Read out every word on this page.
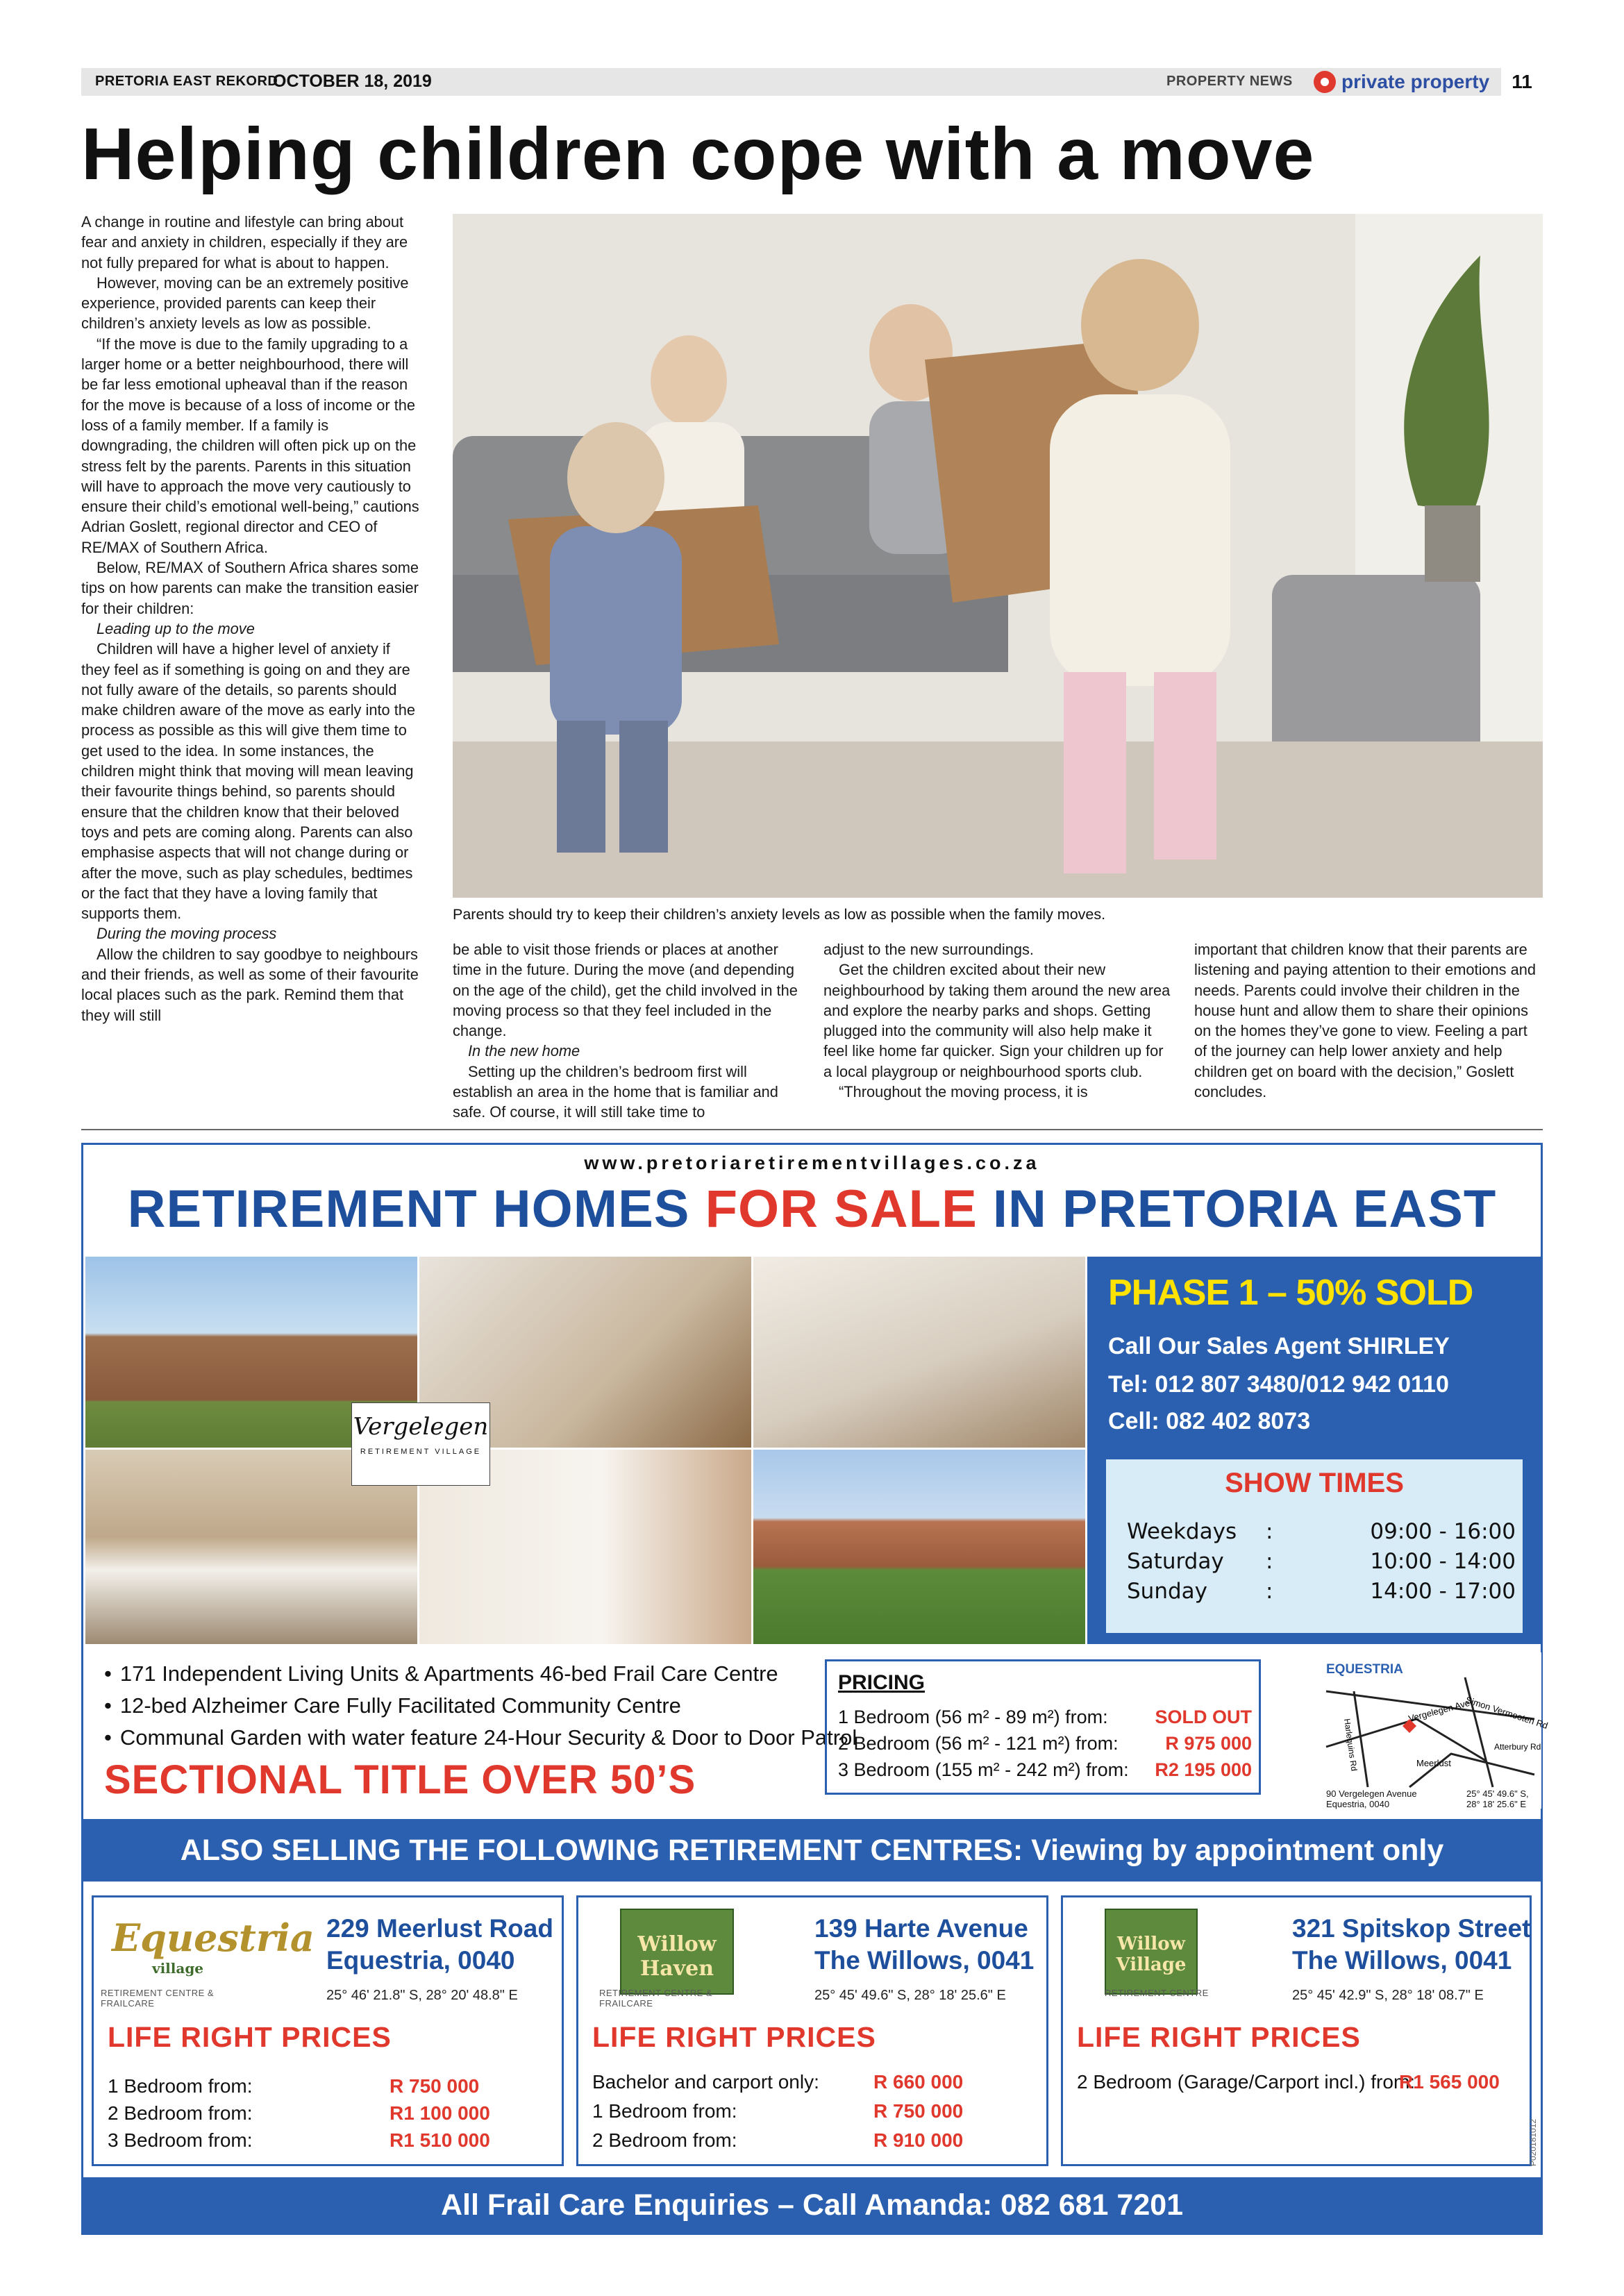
PRETORIA EAST REKORD
OCTOBER 18, 2019	PROPERTY NEWS	private property	11
Helping children cope with a move

A change in routine and lifestyle can bring about fear and anxiety in children, especially if they are not fully prepared for what is about to happen.

However, moving can be an extremely positive experience, provided parents can keep their children’s anxiety levels as low as possible.

“If the move is due to the family upgrading to a larger home or a better neighbourhood, there will be far less emotional upheaval than if the reason for the move is because of a loss of income or the loss of a family member. If a family is downgrading, the children will often pick up on the stress felt by the parents. Parents in this situation will have to approach the move very cautiously to ensure their child’s emotional well-being,” cautions Adrian Goslett, regional director and CEO of RE/MAX of Southern Africa.

Below, RE/MAX of Southern Africa shares some tips on how parents can make the transition easier for their children:

Leading up to the move

Children will have a higher level of anxiety if they feel as if something is going on and they are not fully aware of the details, so parents should make children aware of the move as early into the process as possible as this will give them time to get used to the idea. In some instances, the children might think that moving will mean leaving their favourite things behind, so parents should ensure that the children know that their beloved toys and pets are coming along. Parents can also emphasise aspects that will not change during or after the move, such as play schedules, bedtimes or the fact that they have a loving family that supports them.

During the moving process

Allow the children to say goodbye to neighbours and their friends, as well as some of their favourite local places such as the park. Remind them that they will still

be able to visit those friends or places at another time in the future. During the move (and depending on the age of the child), get the child involved in the moving process so that they feel included in the change.

In the new home

Setting up the children’s bedroom first will establish an area in the home that is familiar and safe. Of course, it will still take time to

adjust to the new surroundings.

Get the children excited about their new neighbourhood by taking them around the new area and explore the nearby parks and shops. Getting plugged into the community will also help make it feel like home far quicker. Sign your children up for a local playgroup or neighbourhood sports club.

“Throughout the moving process, it is

important that children know that their parents are listening and paying attention to their emotions and needs. Parents could involve their children in the house hunt and allow them to share their opinions on the homes they’ve gone to view. Feeling a part of the journey can help lower anxiety and help children get on board with the decision,” Goslett concludes.

Parents should try to keep their children’s anxiety levels as low as possible when the family moves.
www.pretoriaretirementvillages.co.za
RETIREMENT HOMES FOR SALE IN PRETORIA EAST
Vergelegen
RETIREMENT VILLAGE
PHASE 1 – 50% SOLD
Call Our Sales Agent SHIRLEY
Tel: 012 807 3480/012 942 0110
Cell: 082 402 8073
SHOW TIMES
Weekdays :	09:00 - 16:00
Saturday :	10:00 - 14:00
Sunday	:	14:00 - 17:00
• 171 Independent Living Units & Apartments 46-bed Frail Care Centre
• 12-bed Alzheimer Care Fully Facilitated Community Centre
• Communal Garden with water feature 24-Hour Security & Door to Door Patrol
SECTIONAL TITLE OVER 50’S
PRICING
1 Bedroom (56 m² - 89 m²) from:	SOLD OUT
2 Bedroom (56 m² - 121 m²) from:	R 975 000
3 Bedroom (155 m² - 242 m²) from: R2 195 000
EQUESTRIA
Simon Vermooten Rd
Vergelegen Ave
Meerlust
Harlequins Rd	Atterbury Rd
90 Vergelegen Avenue
Equestria, 0040
25° 45' 49.6" S,
28° 18' 25.6" E
ALSO SELLING THE FOLLOWING RETIREMENT CENTRES: Viewing by appointment only
Equestria
village
RETIREMENT CENTRE & FRAILCARE
229 Meerlust Road
Equestria, 0040
25° 46' 21.8" S, 28° 20' 48.8" E
LIFE RIGHT PRICES
1 Bedroom from:	R 750 000
2 Bedroom from:	R1 100 000
3 Bedroom from:	R1 510 000
Willow
Haven
RETIREMENT CENTRE & FRAILCARE
139 Harte Avenue
The Willows, 0041
25° 45' 49.6" S, 28° 18' 25.6" E
LIFE RIGHT PRICES
Bachelor and carport only:	R 660 000
1 Bedroom from:	R 750 000
2 Bedroom from:	R 910 000
Willow
Village
RETIREMENT CENTRE
321 Spitskop Street
The Willows, 0041
25° 45' 42.9" S, 28° 18' 08.7" E
LIFE RIGHT PRICES
2 Bedroom (Garage/Carport incl.) from:
R1 565 000
P020181012
All Frail Care Enquiries – Call Amanda: 082 681 7201
